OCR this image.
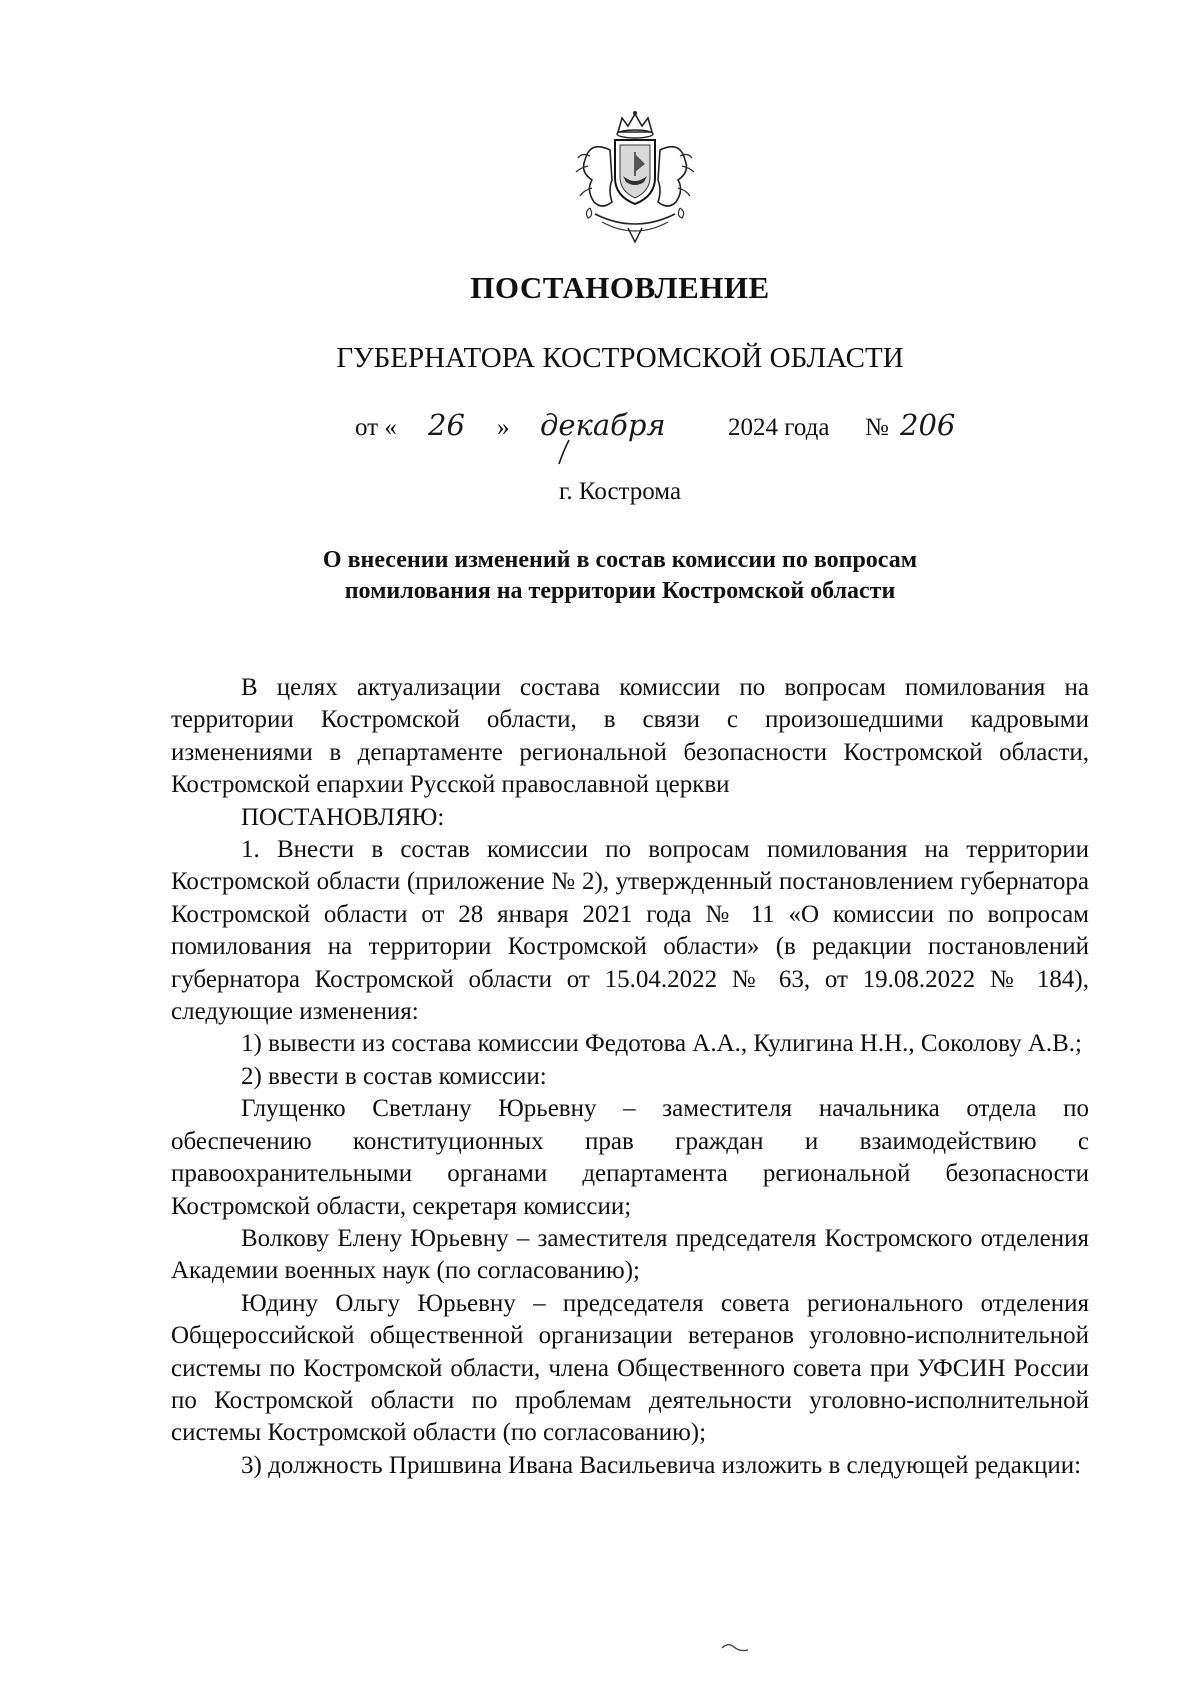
ПОСТАНОВЛЕНИЕ
ГУБЕРНАТОРА КОСТРОМСКОЙ ОБЛАСТИ
от « 26 » декабря 2024 года № 206
г. Кострома
О внесении изменений в состав комиссии по вопросам
помилования на территории Костромской области

В целях актуализации состава комиссии по вопросам помилования на территории Костромской области, в связи с произошедшими кадровыми изменениями в департаменте региональной безопасности Костромской области, Костромской епархии Русской православной церкви

ПОСТАНОВЛЯЮ:

1. Внести в состав комиссии по вопросам помилования на территории Костромской области (приложение № 2), утвержденный постановлением губернатора Костромской области от 28 января 2021 года № 11 «О комиссии по вопросам помилования на территории Костромской области» (в редакции постановлений губернатора Костромской области от 15.04.2022 № 63, от 19.08.2022 № 184), следующие изменения:

1) вывести из состава комиссии Федотова А.А., Кулигина Н.Н., Соколову А.В.;

2) ввести в состав комиссии:

Глущенко Светлану Юрьевну – заместителя начальника отдела по обеспечению конституционных прав граждан и взаимодействию с правоохранительными органами департамента региональной безопасности Костромской области, секретаря комиссии;

Волкову Елену Юрьевну – заместителя председателя Костромского отделения Академии военных наук (по согласованию);

Юдину Ольгу Юрьевну – председателя совета регионального отделения Общероссийской общественной организации ветеранов уголовно-исполнительной системы по Костромской области, члена Общественного совета при УФСИН России по Костромской области по проблемам деятельности уголовно-исполнительной системы Костромской области (по согласованию);

3) должность Пришвина Ивана Васильевича изложить в следующей редакции:
